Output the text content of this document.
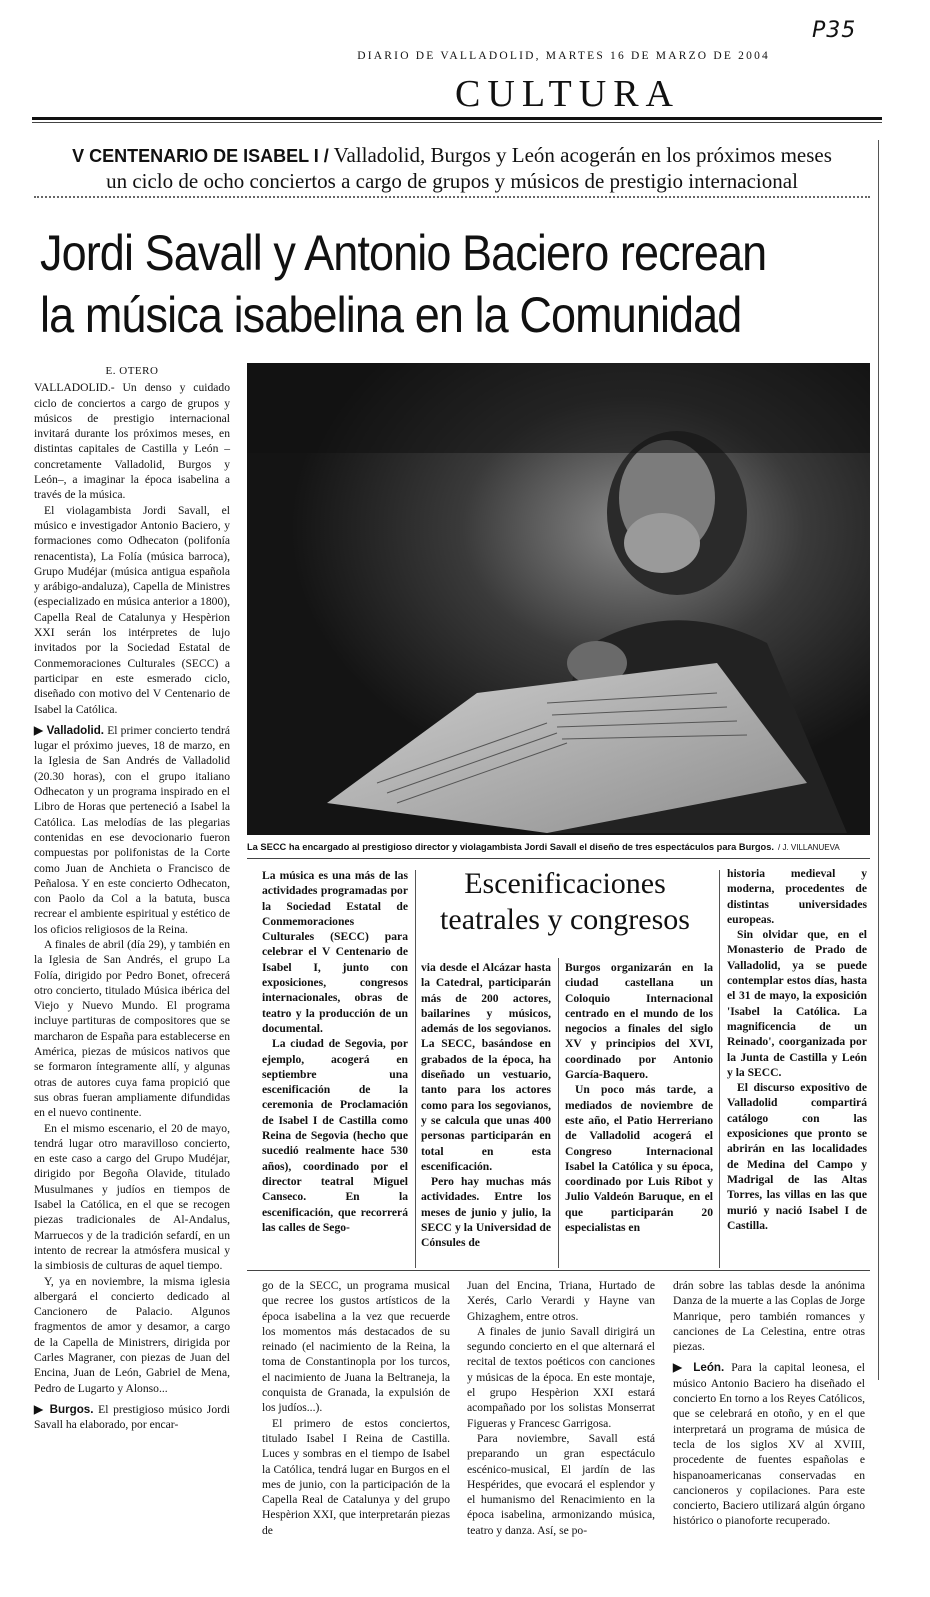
P35
DIARIO DE VALLADOLID, MARTES 16 DE MARZO DE 2004
CULTURA
V CENTENARIO DE ISABEL I / Valladolid, Burgos y León acogerán en los próximos meses
un ciclo de ocho conciertos a cargo de grupos y músicos de prestigio internacional
Jordi Savall y Antonio Baciero recrean
la música isabelina en la Comunidad
E. OTERO

VALLADOLID.- Un denso y cuidado ciclo de conciertos a cargo de grupos y músicos de prestigio internacional invitará durante los próximos meses, en distintas capitales de Castilla y León –concretamente Valladolid, Burgos y León–, a imaginar la época isabelina a través de la música.

El violagambista Jordi Savall, el músico e investigador Antonio Baciero, y formaciones como Odhecaton (polifonía renacentista), La Folía (música barroca), Grupo Mudéjar (música antigua española y arábigo-andaluza), Capella de Ministres (especializado en música anterior a 1800), Capella Real de Catalunya y Hespèrion XXI serán los intérpretes de lujo invitados por la Sociedad Estatal de Conmemoraciones Culturales (SECC) a participar en este esmerado ciclo, diseñado con motivo del V Centenario de Isabel la Católica.

▶ Valladolid. El primer concierto tendrá lugar el próximo jueves, 18 de marzo, en la Iglesia de San Andrés de Valladolid (20.30 horas), con el grupo italiano Odhecaton y un programa inspirado en el Libro de Horas que perteneció a Isabel la Católica. Las melodías de las plegarias contenidas en ese devocionario fueron compuestas por polifonistas de la Corte como Juan de Anchieta o Francisco de Peñalosa. Y en este concierto Odhecaton, con Paolo da Col a la batuta, busca recrear el ambiente espiritual y estético de los oficios religiosos de la Reina.

A finales de abril (día 29), y también en la Iglesia de San Andrés, el grupo La Folía, dirigido por Pedro Bonet, ofrecerá otro concierto, titulado Música ibérica del Viejo y Nuevo Mundo. El programa incluye partituras de compositores que se marcharon de España para establecerse en América, piezas de músicos nativos que se formaron íntegramente allí, y algunas otras de autores cuya fama propició que sus obras fueran ampliamente difundidas en el nuevo continente.

En el mismo escenario, el 20 de mayo, tendrá lugar otro maravilloso concierto, en este caso a cargo del Grupo Mudéjar, dirigido por Begoña Olavide, titulado Musulmanes y judíos en tiempos de Isabel la Católica, en el que se recogen piezas tradicionales de Al-Andalus, Marruecos y de la tradición sefardí, en un intento de recrear la atmósfera musical y la simbiosis de culturas de aquel tiempo.

Y, ya en noviembre, la misma iglesia albergará el concierto dedicado al Cancionero de Palacio. Algunos fragmentos de amor y desamor, a cargo de la Capella de Ministrers, dirigida por Carles Magraner, con piezas de Juan del Encina, Juan de León, Gabriel de Mena, Pedro de Lugarto y Alonso...

▶ Burgos. El prestigioso músico Jordi Savall ha elaborado, por encar-

La SECC ha encargado al prestigioso director y violagambista Jordi Savall el diseño de tres espectáculos para Burgos. / J. VILLANUEVA
Escenificaciones
teatrales y congresos

La música es una más de las actividades programadas por la Sociedad Estatal de Conmemoraciones Culturales (SECC) para celebrar el V Centenario de Isabel I, junto con exposiciones, congresos internacionales, obras de teatro y la producción de un documental.

La ciudad de Segovia, por ejemplo, acogerá en septiembre una escenificación de la ceremonia de Proclamación de Isabel I de Castilla como Reina de Segovia (hecho que sucedió realmente hace 530 años), coordinado por el director teatral Miguel Canseco. En la escenificación, que recorrerá las calles de Sego-

via desde el Alcázar hasta la Catedral, participarán más de 200 actores, bailarines y músicos, además de los segovianos. La SECC, basándose en grabados de la época, ha diseñado un vestuario, tanto para los actores como para los segovianos, y se calcula que unas 400 personas participarán en total en esta escenificación.

Pero hay muchas más actividades. Entre los meses de junio y julio, la SECC y la Universidad de Cónsules de

Burgos organizarán en la ciudad castellana un Coloquio Internacional centrado en el mundo de los negocios a finales del siglo XV y principios del XVI, coordinado por Antonio García-Baquero.

Un poco más tarde, a mediados de noviembre de este año, el Patio Herreriano de Valladolid acogerá el Congreso Internacional Isabel la Católica y su época, coordinado por Luis Ribot y Julio Valdeón Baruque, en el que participarán 20 especialistas en

historia medieval y moderna, procedentes de distintas universidades europeas.

Sin olvidar que, en el Monasterio de Prado de Valladolid, ya se puede contemplar estos días, hasta el 31 de mayo, la exposición 'Isabel la Católica. La magnificencia de un Reinado', coorganizada por la Junta de Castilla y León y la SECC.

El discurso expositivo de Valladolid compartirá catálogo con las exposiciones que pronto se abrirán en las localidades de Medina del Campo y Madrigal de las Altas Torres, las villas en las que murió y nació Isabel I de Castilla.

go de la SECC, un programa musical que recree los gustos artísticos de la época isabelina a la vez que recuerde los momentos más destacados de su reinado (el nacimiento de la Reina, la toma de Constantinopla por los turcos, el nacimiento de Juana la Beltraneja, la conquista de Granada, la expulsión de los judíos...).

El primero de estos conciertos, titulado Isabel I Reina de Castilla. Luces y sombras en el tiempo de Isabel la Católica, tendrá lugar en Burgos en el mes de junio, con la participación de la Capella Real de Catalunya y del grupo Hespèrion XXI, que interpretarán piezas de

Juan del Encina, Triana, Hurtado de Xerés, Carlo Verardi y Hayne van Ghizaghem, entre otros.

A finales de junio Savall dirigirá un segundo concierto en el que alternará el recital de textos poéticos con canciones y músicas de la época. En este montaje, el grupo Hespèrion XXI estará acompañado por los solistas Monserrat Figueras y Francesc Garrigosa.

Para noviembre, Savall está preparando un gran espectáculo escénico-musical, El jardín de las Hespérides, que evocará el esplendor y el humanismo del Renacimiento en la época isabelina, armonizando música, teatro y danza. Así, se po-

drán sobre las tablas desde la anónima Danza de la muerte a las Coplas de Jorge Manrique, pero también romances y canciones de La Celestina, entre otras piezas.

▶ León. Para la capital leonesa, el músico Antonio Baciero ha diseñado el concierto En torno a los Reyes Católicos, que se celebrará en otoño, y en el que interpretará un programa de música de tecla de los siglos XV al XVIII, procedente de fuentes españolas e hispanoamericanas conservadas en cancioneros y copilaciones. Para este concierto, Baciero utilizará algún órgano histórico o pianoforte recuperado.
